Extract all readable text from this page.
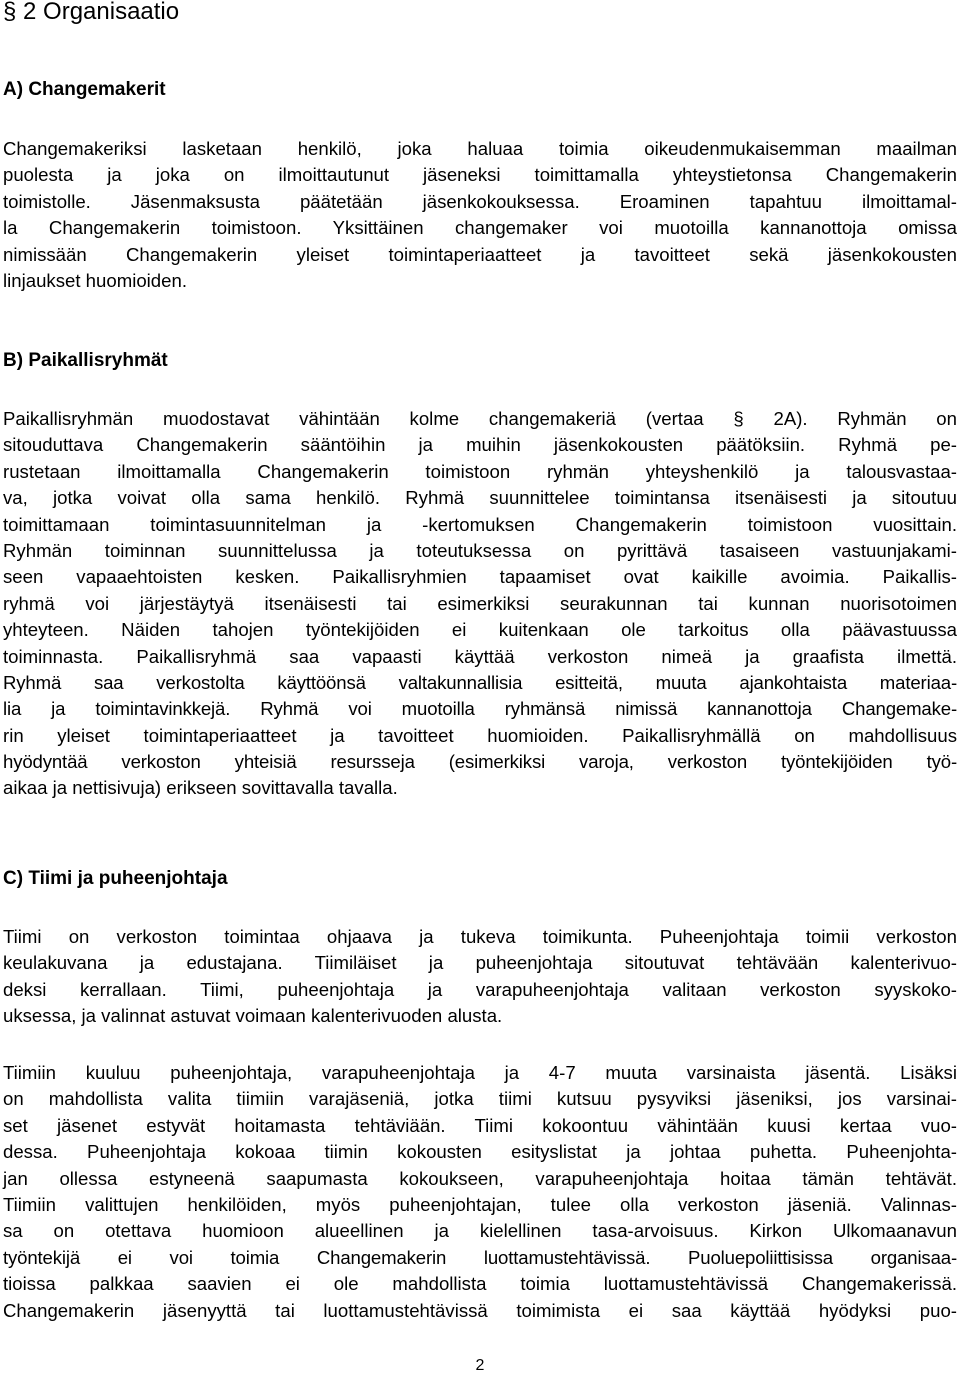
§ 2 Organisaatio
A) Changemakerit
Changemakeriksi lasketaan henkilö, joka haluaa toimia oikeudenmukaisemman maailman
puolesta ja joka on ilmoittautunut jäseneksi toimittamalla yhteystietonsa Changemakerin
toimistolle. Jäsenmaksusta päätetään jäsenkokouksessa. Eroaminen tapahtuu ilmoittamal-
la Changemakerin toimistoon. Yksittäinen changemaker voi muotoilla kannanottoja omissa
nimissään Changemakerin yleiset toimintaperiaatteet ja tavoitteet sekä jäsenkokousten
linjaukset huomioiden.
B) Paikallisryhmät
Paikallisryhmän muodostavat vähintään kolme changemakeriä (vertaa § 2A). Ryhmän on
sitouduttava Changemakerin sääntöihin ja muihin jäsenkokousten päätöksiin. Ryhmä pe-
rustetaan ilmoittamalla Changemakerin toimistoon ryhmän yhteyshenkilö ja talousvastaa-
va, jotka voivat olla sama henkilö. Ryhmä suunnittelee toimintansa itsenäisesti ja sitoutuu
toimittamaan toimintasuunnitelman ja -kertomuksen Changemakerin toimistoon vuosittain.
Ryhmän toiminnan suunnittelussa ja toteutuksessa on pyrittävä tasaiseen vastuunjakami-
seen vapaaehtoisten kesken. Paikallisryhmien tapaamiset ovat kaikille avoimia. Paikallis-
ryhmä voi järjestäytyä itsenäisesti tai esimerkiksi seurakunnan tai kunnan nuorisotoimen
yhteyteen. Näiden tahojen työntekijöiden ei kuitenkaan ole tarkoitus olla päävastuussa
toiminnasta. Paikallisryhmä saa vapaasti käyttää verkoston nimeä ja graafista ilmettä.
Ryhmä saa verkostolta käyttöönsä valtakunnallisia esitteitä, muuta ajankohtaista materiaa-
lia ja toimintavinkkejä. Ryhmä voi muotoilla ryhmänsä nimissä kannanottoja Changemake-
rin yleiset toimintaperiaatteet ja tavoitteet huomioiden. Paikallisryhmällä on mahdollisuus
hyödyntää verkoston yhteisiä resursseja (esimerkiksi varoja, verkoston työntekijöiden työ-
aikaa ja nettisivuja) erikseen sovittavalla tavalla.
C) Tiimi ja puheenjohtaja
Tiimi on verkoston toimintaa ohjaava ja tukeva toimikunta. Puheenjohtaja toimii verkoston
keulakuvana ja edustajana. Tiimiläiset ja puheenjohtaja sitoutuvat tehtävään kalenterivuo-
deksi kerrallaan. Tiimi, puheenjohtaja ja varapuheenjohtaja valitaan verkoston syyskoko-
uksessa, ja valinnat astuvat voimaan kalenterivuoden alusta.
Tiimiin kuuluu puheenjohtaja, varapuheenjohtaja ja 4-7 muuta varsinaista jäsentä. Lisäksi
on mahdollista valita tiimiin varajäseniä, jotka tiimi kutsuu pysyviksi jäseniksi, jos varsinai-
set jäsenet estyvät hoitamasta tehtäviään. Tiimi kokoontuu vähintään kuusi kertaa vuo-
dessa. Puheenjohtaja kokoaa tiimin kokousten esityslistat ja johtaa puhetta. Puheenjohta-
jan ollessa estyneenä saapumasta kokoukseen, varapuheenjohtaja hoitaa tämän tehtävät.
Tiimiin valittujen henkilöiden, myös puheenjohtajan, tulee olla verkoston jäseniä. Valinnas-
sa on otettava huomioon alueellinen ja kielellinen tasa-arvoisuus. Kirkon Ulkomaanavun
työntekijä ei voi toimia Changemakerin luottamustehtävissä. Puoluepoliittisissa organisaa-
tioissa palkkaa saavien ei ole mahdollista toimia luottamustehtävissä Changemakerissä.
Changemakerin jäsenyyttä tai luottamustehtävissä toimimista ei saa käyttää hyödyksi puo-
2
